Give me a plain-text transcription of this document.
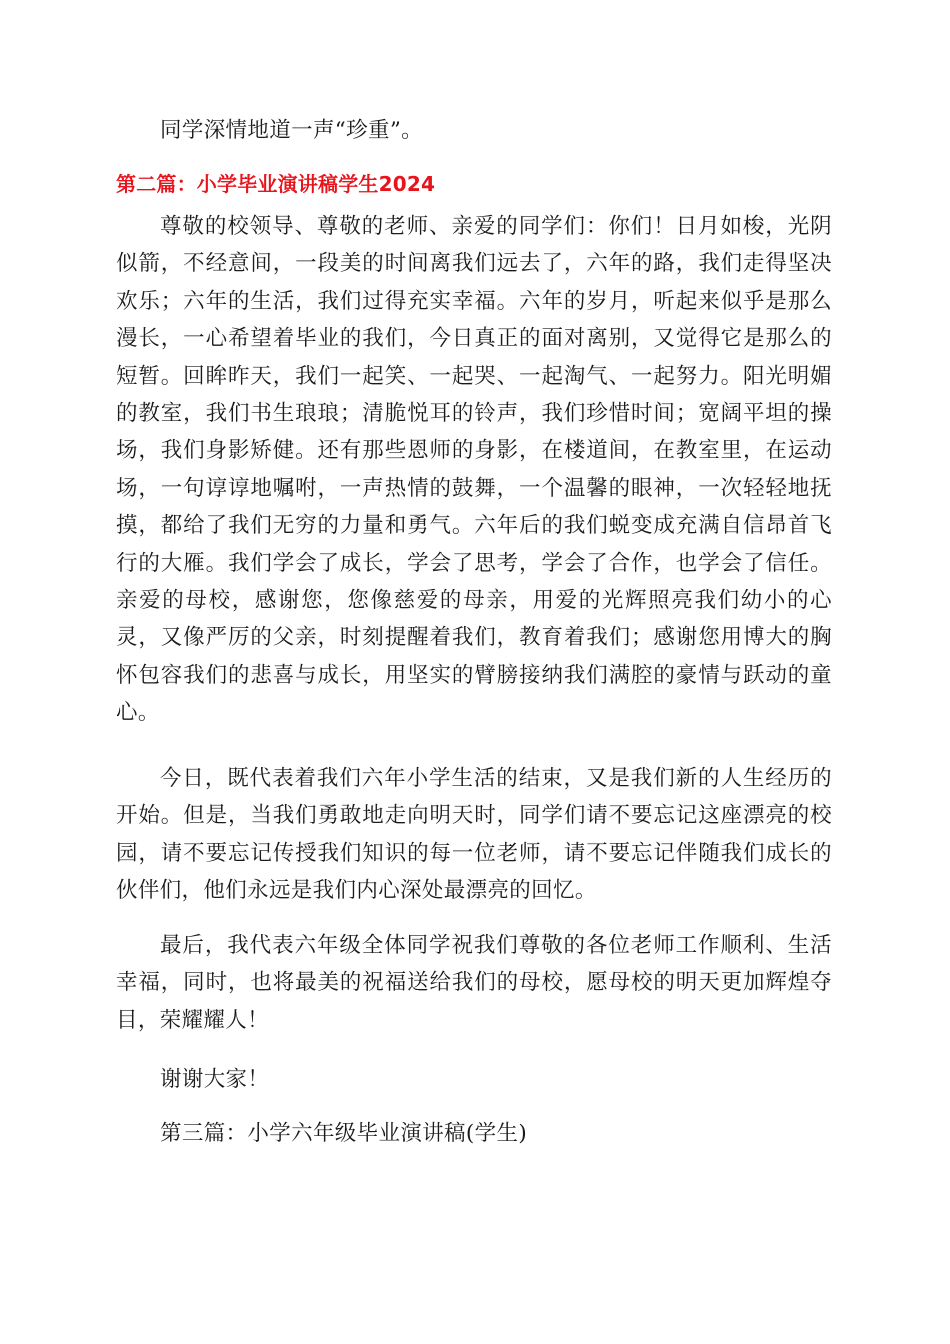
同学深情地道一声“珍重”。

第二篇：小学毕业演讲稿学生2024

尊敬的校领导、尊敬的老师、亲爱的同学们：你们！日月如梭，光阴似箭，不经意间，一段美的时间离我们远去了，六年的路，我们走得坚决欢乐；六年的生活，我们过得充实幸福。六年的岁月，听起来似乎是那么漫长，一心希望着毕业的我们，今日真正的面对离别，又觉得它是那么的短暂。回眸昨天，我们一起笑、一起哭、一起淘气、一起努力。阳光明媚的教室，我们书生琅琅；清脆悦耳的铃声，我们珍惜时间；宽阔平坦的操场，我们身影矫健。还有那些恩师的身影，在楼道间，在教室里，在运动场，一句谆谆地嘱咐，一声热情的鼓舞，一个温馨的眼神，一次轻轻地抚摸，都给了我们无穷的力量和勇气。六年后的我们蜕变成充满自信昂首飞行的大雁。我们学会了成长，学会了思考，学会了合作，也学会了信任。亲爱的母校，感谢您，您像慈爱的母亲，用爱的光辉照亮我们幼小的心灵，又像严厉的父亲，时刻提醒着我们，教育着我们；感谢您用博大的胸怀包容我们的悲喜与成长，用坚实的臂膀接纳我们满腔的豪情与跃动的童心。

今日，既代表着我们六年小学生活的结束，又是我们新的人生经历的开始。但是，当我们勇敢地走向明天时，同学们请不要忘记这座漂亮的校园，请不要忘记传授我们知识的每一位老师，请不要忘记伴随我们成长的伙伴们，他们永远是我们内心深处最漂亮的回忆。

最后，我代表六年级全体同学祝我们尊敬的各位老师工作顺利、生活幸福，同时，也将最美的祝福送给我们的母校，愿母校的明天更加辉煌夺目，荣耀耀人！

谢谢大家！

第三篇：小学六年级毕业演讲稿(学生)
